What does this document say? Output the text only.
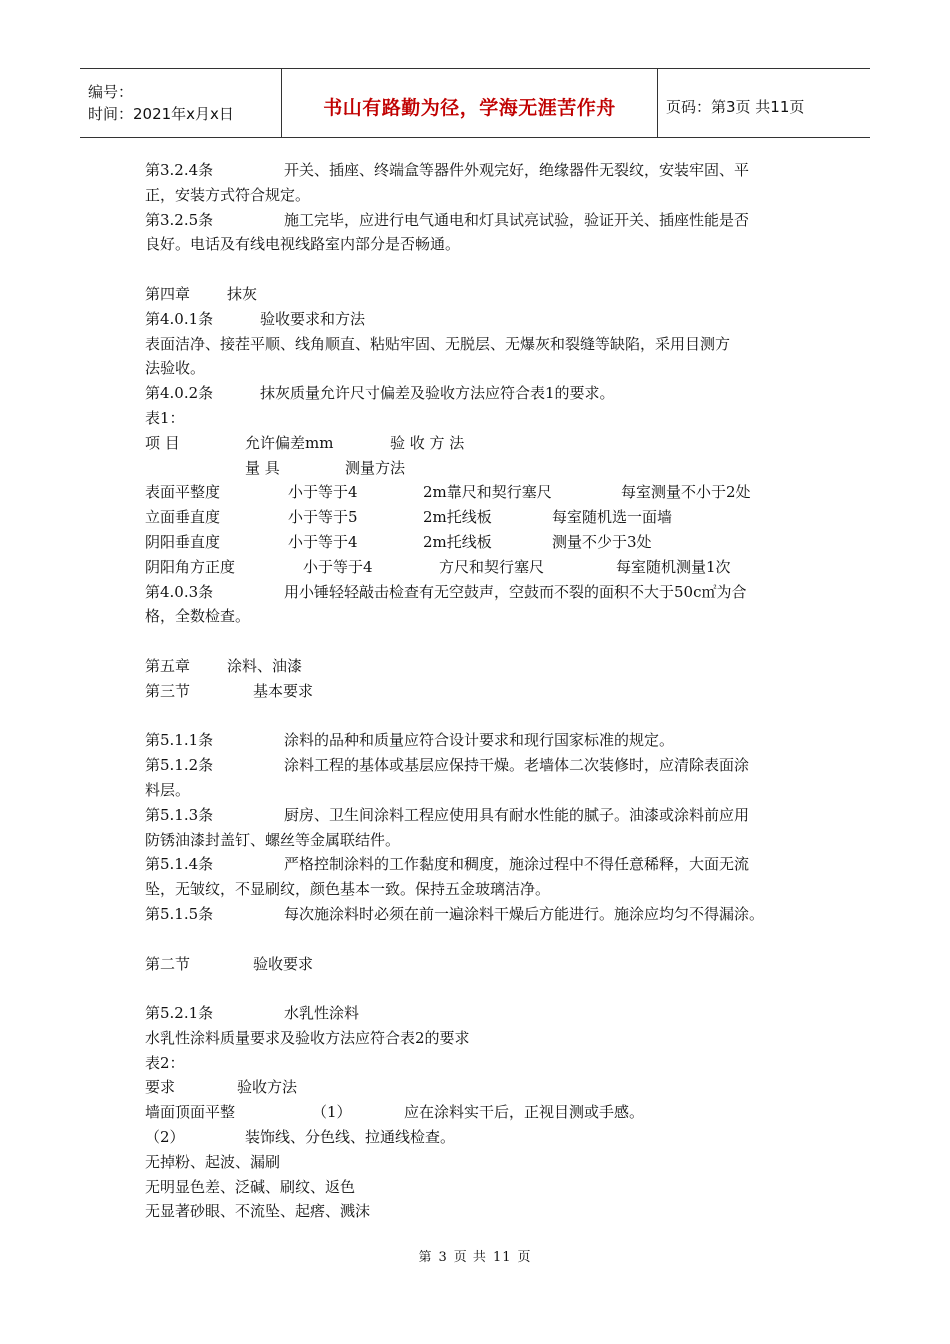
编号：
时间：2021年x月x日	书山有路勤为径，学海无涯苦作舟	页码：第3页 共11页
第3.2.4条	开关、插座、终端盒等器件外观完好，绝缘器件无裂纹，安装牢固、平
正，安装方式符合规定。
第3.2.5条	施工完毕，应进行电气通电和灯具试亮试验，验证开关、插座性能是否
良好。电话及有线电视线路室内部分是否畅通。
第四章 抹灰
第4.0.1条	验收要求和方法
表面洁净、接茬平顺、线角顺直、粘贴牢固、无脱层、无爆灰和裂缝等缺陷，采用目测方
法验收。
第4.0.2条	抹灰质量允许尺寸偏差及验收方法应符合表1的要求。
表1：
项 目	允许偏差mm	验 收 方 法
量 具	测量方法
表面平整度	小于等于4	2m靠尺和契行塞尺	每室测量不小于2处
立面垂直度	小于等于5	2m托线板	每室随机选一面墙
阴阳垂直度	小于等于4	2m托线板	测量不少于3处
阴阳角方正度	小于等于4	方尺和契行塞尺	每室随机测量1次
第4.0.3条	用小锤轻轻敲击检查有无空鼓声，空鼓而不裂的面积不大于50c㎡为合
格，全数检查。
第五章 涂料、油漆
第三节	基本要求
第5.1.1条	涂料的品种和质量应符合设计要求和现行国家标准的规定。
第5.1.2条	涂料工程的基体或基层应保持干燥。老墙体二次装修时，应清除表面涂
料层。
第5.1.3条	厨房、卫生间涂料工程应使用具有耐水性能的腻子。油漆或涂料前应用
防锈油漆封盖钉、螺丝等金属联结件。
第5.1.4条	严格控制涂料的工作黏度和稠度，施涂过程中不得任意稀释，大面无流
坠，无皱纹，不显刷纹，颜色基本一致。保持五金玻璃洁净。
第5.1.5条	每次施涂料时必须在前一遍涂料干燥后方能进行。施涂应均匀不得漏涂。
第二节	验收要求
第5.2.1条	水乳性涂料
水乳性涂料质量要求及验收方法应符合表2的要求
表2：
要求	验收方法
墙面顶面平整	（1）	应在涂料实干后，正视目测或手感。
（2）	装饰线、分色线、拉通线检查。
无掉粉、起波、漏刷
无明显色差、泛碱、刷纹、返色
无显著砂眼、不流坠、起瘩、溅沫
第 3 页 共 11 页
